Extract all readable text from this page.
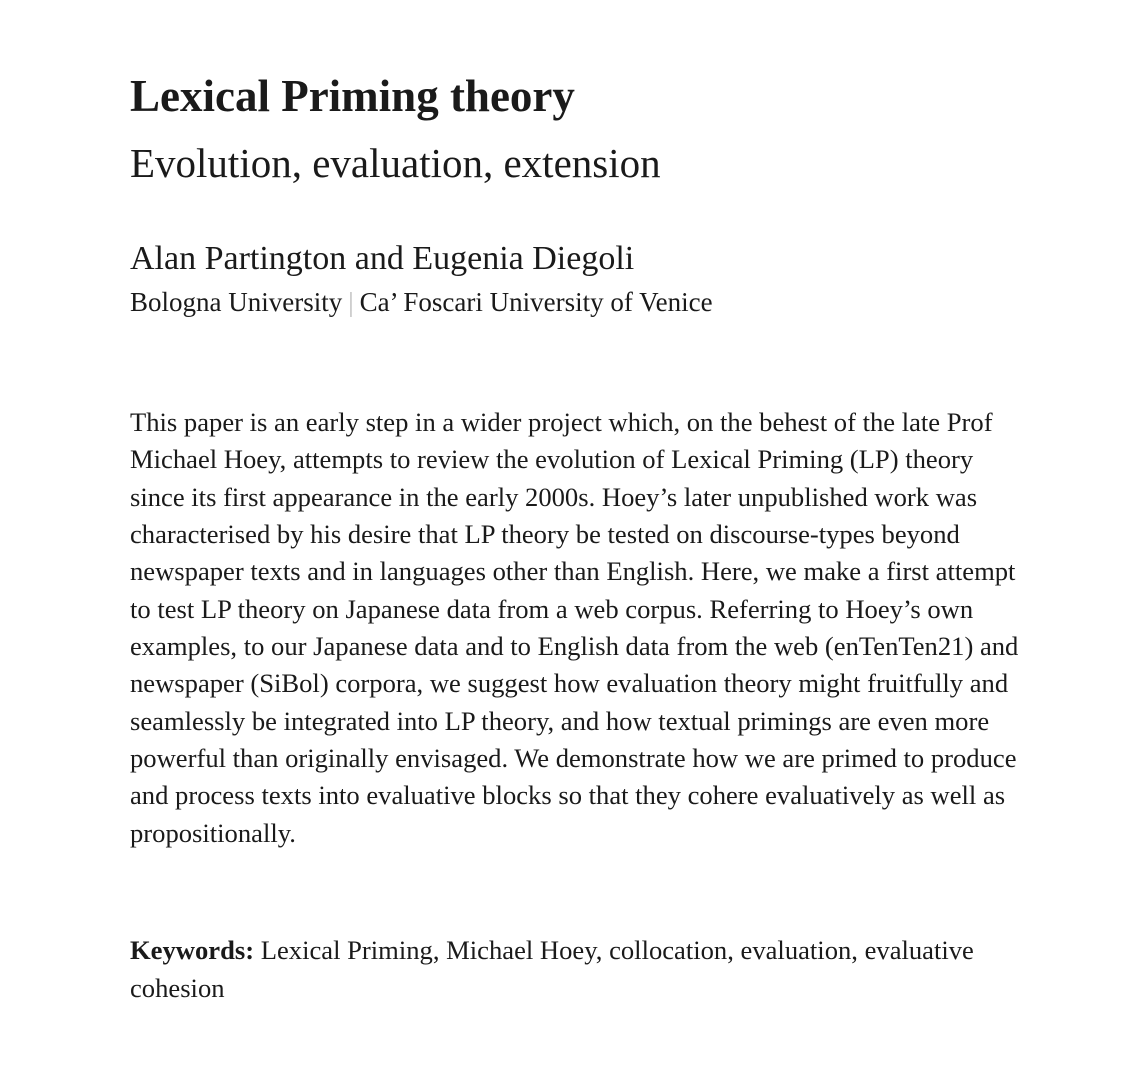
Lexical Priming theory
Evolution, evaluation, extension
Alan Partington and Eugenia Diegoli
Bologna University | Ca’ Foscari University of Venice

This paper is an early step in a wider project which, on the behest of the late Prof Michael Hoey, attempts to review the evolution of Lexical Priming (LP) theory since its first appearance in the early 2000s. Hoey’s later unpublished work was characterised by his desire that LP theory be tested on discourse-types beyond newspaper texts and in languages other than English. Here, we make a first attempt to test LP theory on Japanese data from a web corpus. Referring to Hoey’s own examples, to our Japanese data and to English data from the web (enTenTen21) and newspaper (SiBol) corpora, we suggest how evaluation theory might fruitfully and seamlessly be integrated into LP theory, and how textual primings are even more powerful than originally envisaged. We demonstrate how we are primed to produce and process texts into evaluative blocks so that they cohere evaluatively as well as propositionally.

Keywords: Lexical Priming, Michael Hoey, collocation, evaluation, evaluative cohesion
